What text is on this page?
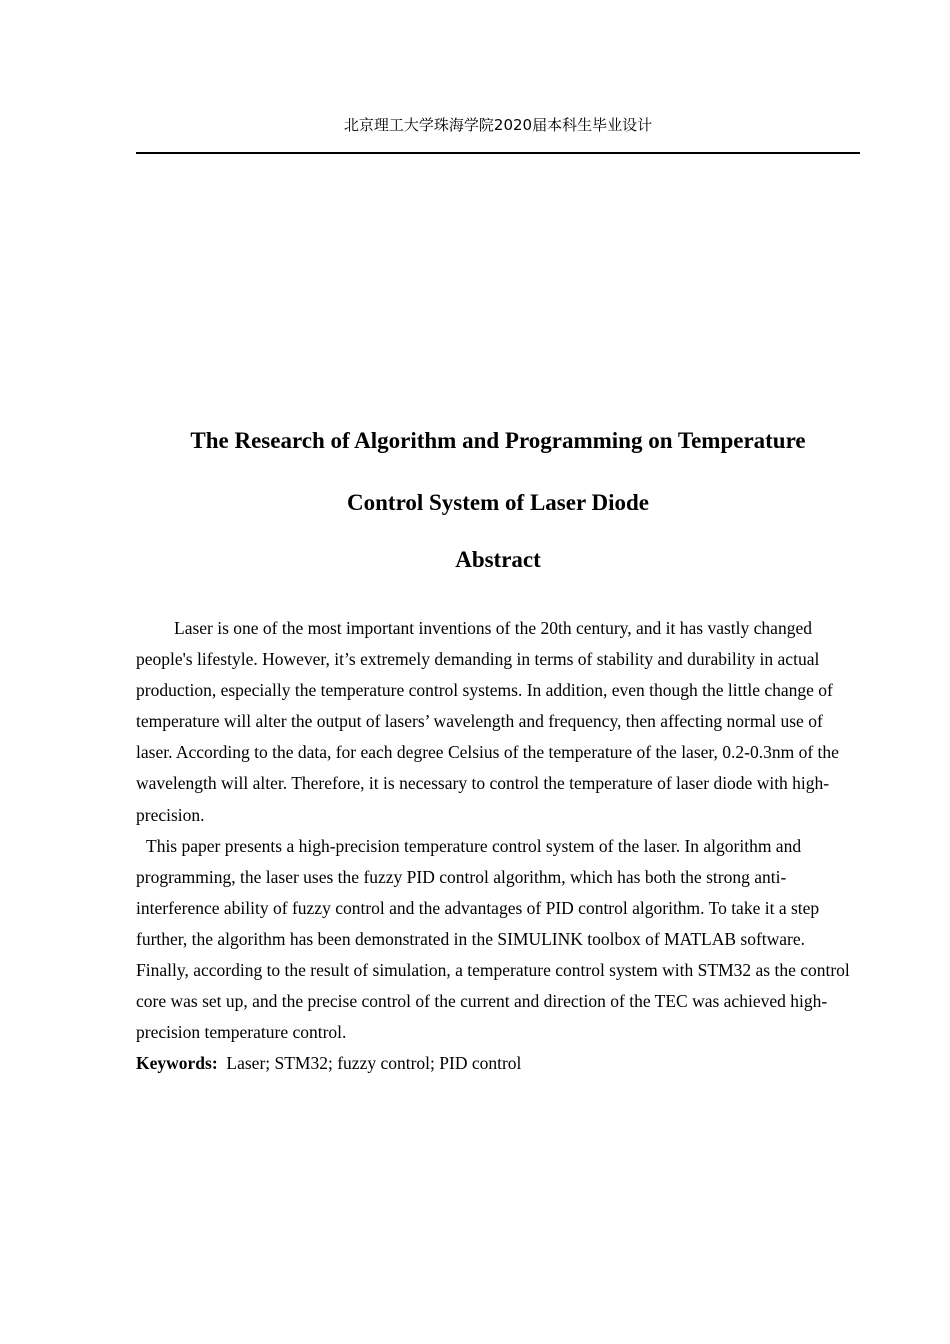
北京理工大学珠海学院2020届本科生毕业设计
The Research of Algorithm and Programming on Temperature
Control System of Laser Diode
Abstract

Laser is one of the most important inventions of the 20th century, and it has vastly changed people's lifestyle. However, it’s extremely demanding in terms of stability and durability in actual production, especially the temperature control systems. In addition, even though the little change of temperature will alter the output of lasers’ wavelength and frequency, then affecting normal use of laser. According to the data, for each degree Celsius of the temperature of the laser, 0.2-0.3nm of the wavelength will alter. Therefore, it is necessary to control the temperature of laser diode with high-precision.

This paper presents a high-precision temperature control system of the laser. In algorithm and programming, the laser uses the fuzzy PID control algorithm, which has both the strong anti-interference ability of fuzzy control and the advantages of PID control algorithm. To take it a step further, the algorithm has been demonstrated in the SIMULINK toolbox of MATLAB software. Finally, according to the result of simulation, a temperature control system with STM32 as the control core was set up, and the precise control of the current and direction of the TEC was achieved high-precision temperature control.

Keywords: Laser; STM32; fuzzy control; PID control
